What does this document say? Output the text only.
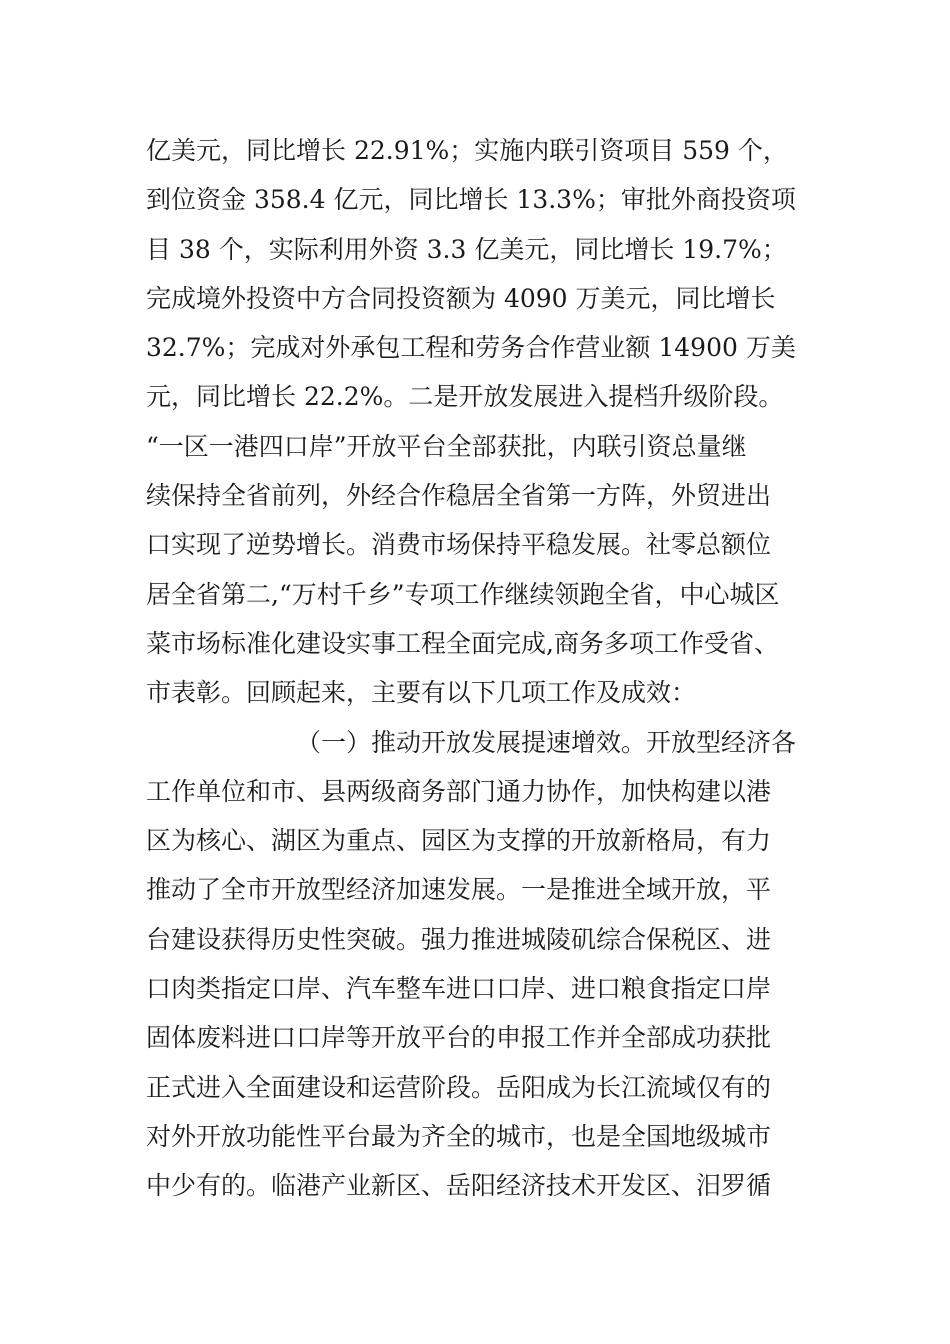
亿美元，同比增长 22.91%；实施内联引资项目 559 个，
到位资金 358.4 亿元，同比增长 13.3%；审批外商投资项
目 38 个，实际利用外资 3.3 亿美元，同比增长 19.7%；
完成境外投资中方合同投资额为 4090 万美元，同比增长
32.7%；完成对外承包工程和劳务合作营业额 14900 万美
元，同比增长 22.2%。二是开放发展进入提档升级阶段。
“一区一港四口岸”开放平台全部获批，内联引资总量继
续保持全省前列，外经合作稳居全省第一方阵，外贸进出
口实现了逆势增长。消费市场保持平稳发展。社零总额位
居全省第二,“万村千乡”专项工作继续领跑全省，中心城区
菜市场标准化建设实事工程全面完成,商务多项工作受省、
市表彰。回顾起来，主要有以下几项工作及成效：
（一）推动开放发展提速增效。开放型经济各
工作单位和市、县两级商务部门通力协作，加快构建以港
区为核心、湖区为重点、园区为支撑的开放新格局，有力
推动了全市开放型经济加速发展。一是推进全域开放，平
台建设获得历史性突破。强力推进城陵矶综合保税区、进
口肉类指定口岸、汽车整车进口口岸、进口粮食指定口岸
固体废料进口口岸等开放平台的申报工作并全部成功获批
正式进入全面建设和运营阶段。岳阳成为长江流域仅有的
对外开放功能性平台最为齐全的城市，也是全国地级城市
中少有的。临港产业新区、岳阳经济技术开发区、汨罗循
